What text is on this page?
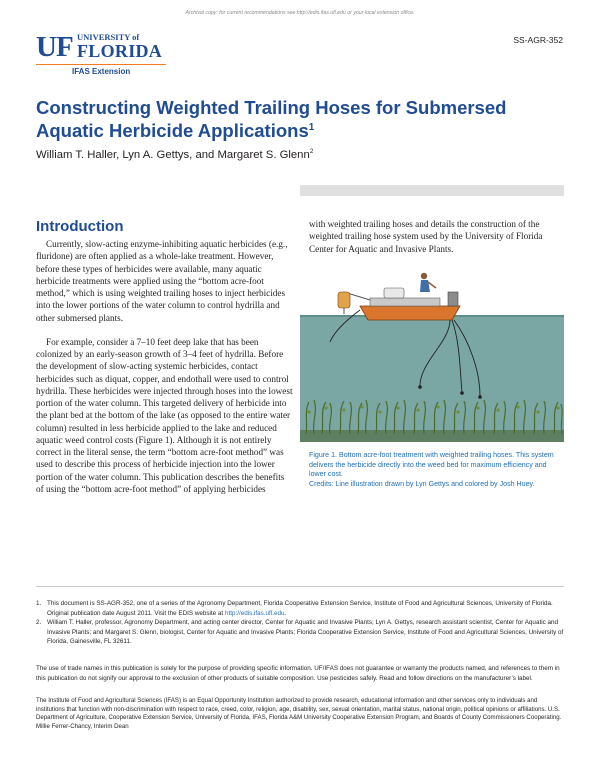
Archival copy: for current recommendations see http://edis.ifas.ufl.edu or your local extension office.
UF UNIVERSITY of
FLORIDA
IFAS Extension
SS-AGR-352
Constructing Weighted Trailing Hoses for Submersed Aquatic Herbicide Applications$^1$
William T. Haller, Lyn A. Gettys, and Margaret S. Glenn$^2$
Introduction

Currently, slow-acting enzyme-inhibiting aquatic herbicides (e.g., fluridone) are often applied as a whole-lake treatment. However, before these types of herbicides were available, many aquatic herbicide treatments were applied using the “bottom acre-foot method,” which is using weighted trailing hoses to inject herbicides into the lower portions of the water column to control hydrilla and other submersed plants.

For example, consider a 7–10 feet deep lake that has been colonized by an early-season growth of 3–4 feet of hydrilla. Before the development of slow-acting systemic herbicides, contact herbicides such as diquat, copper, and endothall were used to control hydrilla. These herbicides were injected through hoses into the lowest portion of the water column. This targeted delivery of herbicide into the plant bed at the bottom of the lake (as opposed to the entire water column) resulted in less herbicide applied to the lake and reduced aquatic weed control costs (Figure 1). Although it is not entirely correct in the literal sense, the term “bottom acre-foot method” was used to describe this process of herbicide injection into the lower portion of the water column. This publication describes the benefits of using the “bottom acre-foot method” of applying herbicides

with weighted trailing hoses and details the construction of the weighted trailing hose system used by the University of Florida Center for Aquatic and Invasive Plants.

Figure 1. Bottom acre-foot treatment with weighted trailing hoses. This system delivers the herbicide directly into the weed bed for maximum efficiency and lower cost.
Credits: Line illustration drawn by Lyn Gettys and colored by Josh Huey.
1. This document is SS-AGR-352, one of a series of the Agronomy Department, Florida Cooperative Extension Service, Institute of Food and Agricultural Sciences, University of Florida. Original publication date August 2011. Visit the EDIS website at http://edis.ifas.ufl.edu.
2. William T. Haller, professor, Agronomy Department, and acting center director, Center for Aquatic and Invasive Plants; Lyn A. Gettys, research assistant scientist, Center for Aquatic and Invasive Plants; and Margaret S. Glenn, biologist, Center for Aquatic and Invasive Plants; Florida Cooperative Extension Service, Institute of Food and Agricultural Sciences, University of Florida, Gainesville, FL 32611.
The use of trade names in this publication is solely for the purpose of providing specific information. UF/IFAS does not guarantee or warranty the products named, and references to them in this publication do not signify our approval to the exclusion of other products of suitable composition. Use pesticides safely. Read and follow directions on the manufacturer’s label.
The Institute of Food and Agricultural Sciences (IFAS) is an Equal Opportunity Institution authorized to provide research, educational information and other services only to individuals and institutions that function with non-discrimination with respect to race, creed, color, religion, age, disability, sex, sexual orientation, marital status, national origin, political opinions or affiliations. U.S. Department of Agriculture, Cooperative Extension Service, University of Florida, IFAS, Florida A&M University Cooperative Extension Program, and Boards of County Commissioners Cooperating. Millie Ferrer-Chancy, Interim Dean
